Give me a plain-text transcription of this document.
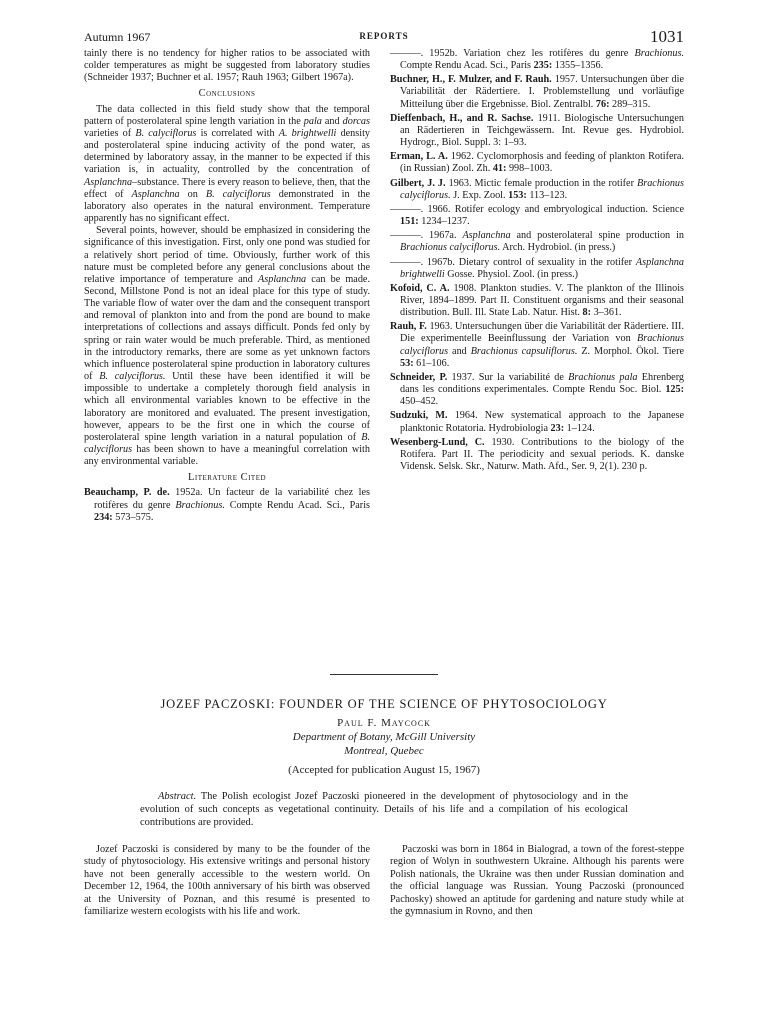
Autumn 1967	REPORTS	1031

tainly there is no tendency for higher ratios to be associated with colder temperatures as might be suggested from laboratory studies (Schneider 1937; Buchner et al. 1957; Rauh 1963; Gilbert 1967a).

Conclusions

The data collected in this field study show that the temporal pattern of posterolateral spine length variation in the pala and dorcas varieties of B. calyciflorus is correlated with A. brightwelli density and posterolateral spine inducing activity of the pond water, as determined by laboratory assay, in the manner to be expected if this variation is, in actuality, controlled by the concentration of Asplanchna–substance. There is every reason to believe, then, that the effect of Asplanchna on B. calyciflorus demonstrated in the laboratory also operates in the natural environment. Temperature apparently has no significant effect.

Several points, however, should be emphasized in considering the significance of this investigation. First, only one pond was studied for a relatively short period of time. Obviously, further work of this nature must be completed before any general conclusions about the relative importance of temperature and Asplanchna can be made. Second, Millstone Pond is not an ideal place for this type of study. The variable flow of water over the dam and the consequent transport and removal of plankton into and from the pond are bound to make interpretations of collections and assays difficult. Ponds fed only by spring or rain water would be much preferable. Third, as mentioned in the introductory remarks, there are some as yet unknown factors which influence posterolateral spine production in laboratory cultures of B. calyciflorus. Until these have been identified it will be impossible to undertake a completely thorough field analysis in which all environmental variables known to be effective in the laboratory are monitored and evaluated. The present investigation, however, appears to be the first one in which the course of posterolateral spine length variation in a natural population of B. calyciflorus has been shown to have a meaningful correlation with any environmental variable.

Literature Cited
Beauchamp, P. de. 1952a. Un facteur de la variabilité chez les rotifères du genre Brachionus. Compte Rendu Acad. Sci., Paris 234: 573–575.
———. 1952b. Variation chez les rotifères du genre Brachionus. Compte Rendu Acad. Sci., Paris 235: 1355–1356.
Buchner, H., F. Mulzer, and F. Rauh. 1957. Untersuchungen über die Variabilität der Rädertiere. I. Problemstellung und vorläufige Mitteilung über die Ergebnisse. Biol. Zentralbl. 76: 289–315.
Dieffenbach, H., and R. Sachse. 1911. Biologische Untersuchungen an Rädertieren in Teichgewässern. Int. Revue ges. Hydrobiol. Hydrogr., Biol. Suppl. 3: 1–93.
Erman, L. A. 1962. Cyclomorphosis and feeding of plankton Rotifera. (in Russian) Zool. Zh. 41: 998–1003.
Gilbert, J. J. 1963. Mictic female production in the rotifer Brachionus calyciflorus. J. Exp. Zool. 153: 113–123.
———. 1966. Rotifer ecology and embryological induction. Science 151: 1234–1237.
———. 1967a. Asplanchna and posterolateral spine production in Brachionus calyciflorus. Arch. Hydrobiol. (in press.)
———. 1967b. Dietary control of sexuality in the rotifer Asplanchna brightwelli Gosse. Physiol. Zool. (in press.)
Kofoid, C. A. 1908. Plankton studies. V. The plankton of the Illinois River, 1894–1899. Part II. Constituent organisms and their seasonal distribution. Bull. Ill. State Lab. Natur. Hist. 8: 3–361.
Rauh, F. 1963. Untersuchungen über die Variabilität der Rädertiere. III. Die experimentelle Beeinflussung der Variation von Brachionus calyciflorus and Brachionus capsuliflorus. Z. Morphol. Ökol. Tiere 53: 61–106.
Schneider, P. 1937. Sur la variabilité de Brachionus pala Ehrenberg dans les conditions experimentales. Compte Rendu Soc. Biol. 125: 450–452.
Sudzuki, M. 1964. New systematical approach to the Japanese planktonic Rotatoria. Hydrobiologia 23: 1–124.
Wesenberg-Lund, C. 1930. Contributions to the biology of the Rotifera. Part II. The periodicity and sexual periods. K. danske Vidensk. Selsk. Skr., Naturw. Math. Afd., Ser. 9, 2(1). 230 p.
JOZEF PACZOSKI: FOUNDER OF THE SCIENCE OF PHYTOSOCIOLOGY
Paul F. Maycock
Department of Botany, McGill University
Montreal, Quebec
(Accepted for publication August 15, 1967)
Abstract. The Polish ecologist Jozef Paczoski pioneered in the development of phytosociology and in the evolution of such concepts as vegetational continuity. Details of his life and a compilation of his ecological contributions are provided.
Jozef Paczoski is considered by many to be the founder of the study of phytosociology. His extensive writings and personal history have not been generally accessible to the western world. On December 12, 1964, the 100th anniversary of his birth was observed at the University of Poznan, and this resumé is presented to familiarize western ecologists with his life and work.
Paczoski was born in 1864 in Bialograd, a town of the forest-steppe region of Wolyn in southwestern Ukraine. Although his parents were Polish nationals, the Ukraine was then under Russian domination and the official language was Russian. Young Paczoski (pronounced Pachosky) showed an aptitude for gardening and nature study while at the gymnasium in Rovno, and then
